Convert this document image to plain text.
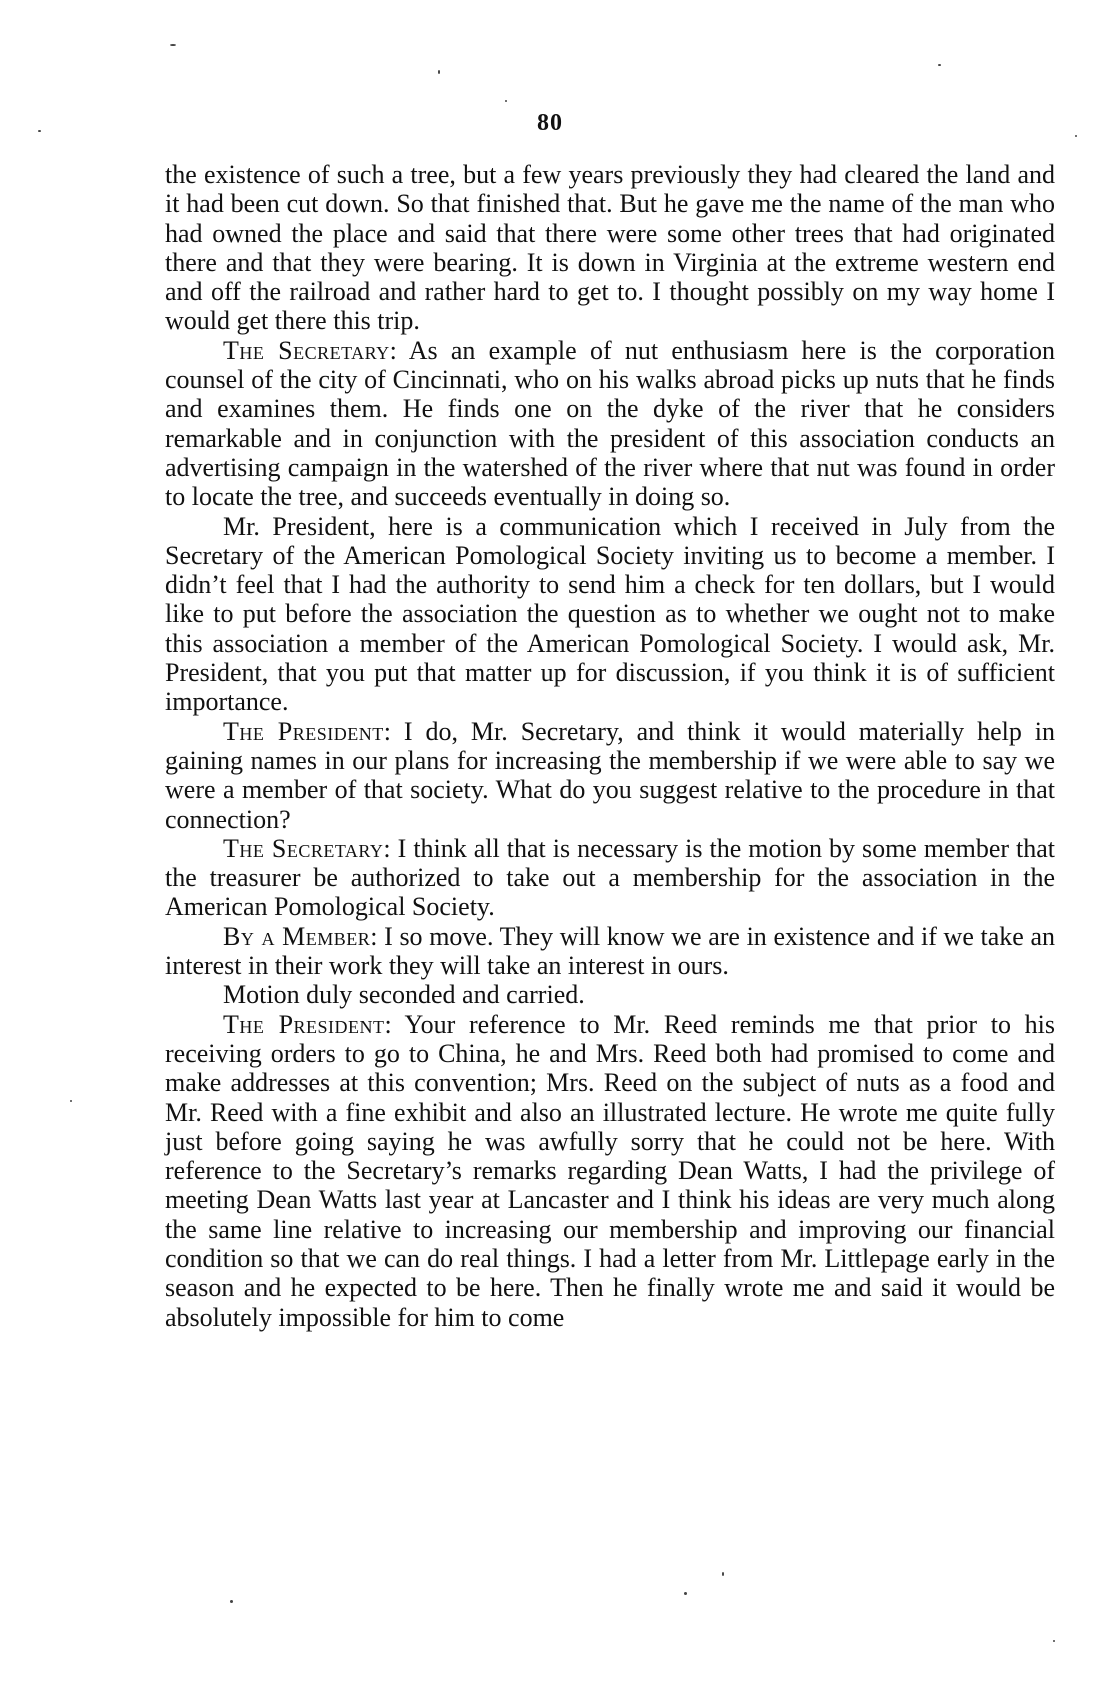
80

the existence of such a tree, but a few years previously they had cleared the land and it had been cut down. So that finished that. But he gave me the name of the man who had owned the place and said that there were some other trees that had originated there and that they were bearing. It is down in Virginia at the extreme western end and off the railroad and rather hard to get to. I thought possibly on my way home I would get there this trip.

The Secretary: As an example of nut enthusiasm here is the corporation counsel of the city of Cincinnati, who on his walks abroad picks up nuts that he finds and examines them. He finds one on the dyke of the river that he considers remarkable and in conjunction with the president of this association conducts an advertising campaign in the watershed of the river where that nut was found in order to locate the tree, and succeeds eventually in doing so.

Mr. President, here is a communication which I received in July from the Secretary of the American Pomological Society inviting us to become a member. I didn’t feel that I had the authority to send him a check for ten dollars, but I would like to put before the association the question as to whether we ought not to make this association a member of the American Pomological Society. I would ask, Mr. President, that you put that matter up for discussion, if you think it is of sufficient importance.

The President: I do, Mr. Secretary, and think it would materially help in gaining names in our plans for increasing the membership if we were able to say we were a member of that society. What do you suggest relative to the procedure in that connection?

The Secretary: I think all that is necessary is the motion by some member that the treasurer be authorized to take out a membership for the association in the American Pomological Society.

By a Member: I so move. They will know we are in existence and if we take an interest in their work they will take an interest in ours.

Motion duly seconded and carried.

The President: Your reference to Mr. Reed reminds me that prior to his receiving orders to go to China, he and Mrs. Reed both had promised to come and make addresses at this convention; Mrs. Reed on the subject of nuts as a food and Mr. Reed with a fine exhibit and also an illustrated lecture. He wrote me quite fully just before going saying he was awfully sorry that he could not be here. With reference to the Secretary’s remarks regarding Dean Watts, I had the privilege of meeting Dean Watts last year at Lancaster and I think his ideas are very much along the same line relative to increasing our membership and improving our financial condition so that we can do real things. I had a letter from Mr. Littlepage early in the season and he expected to be here. Then he finally wrote me and said it would be absolutely impossible for him to come
